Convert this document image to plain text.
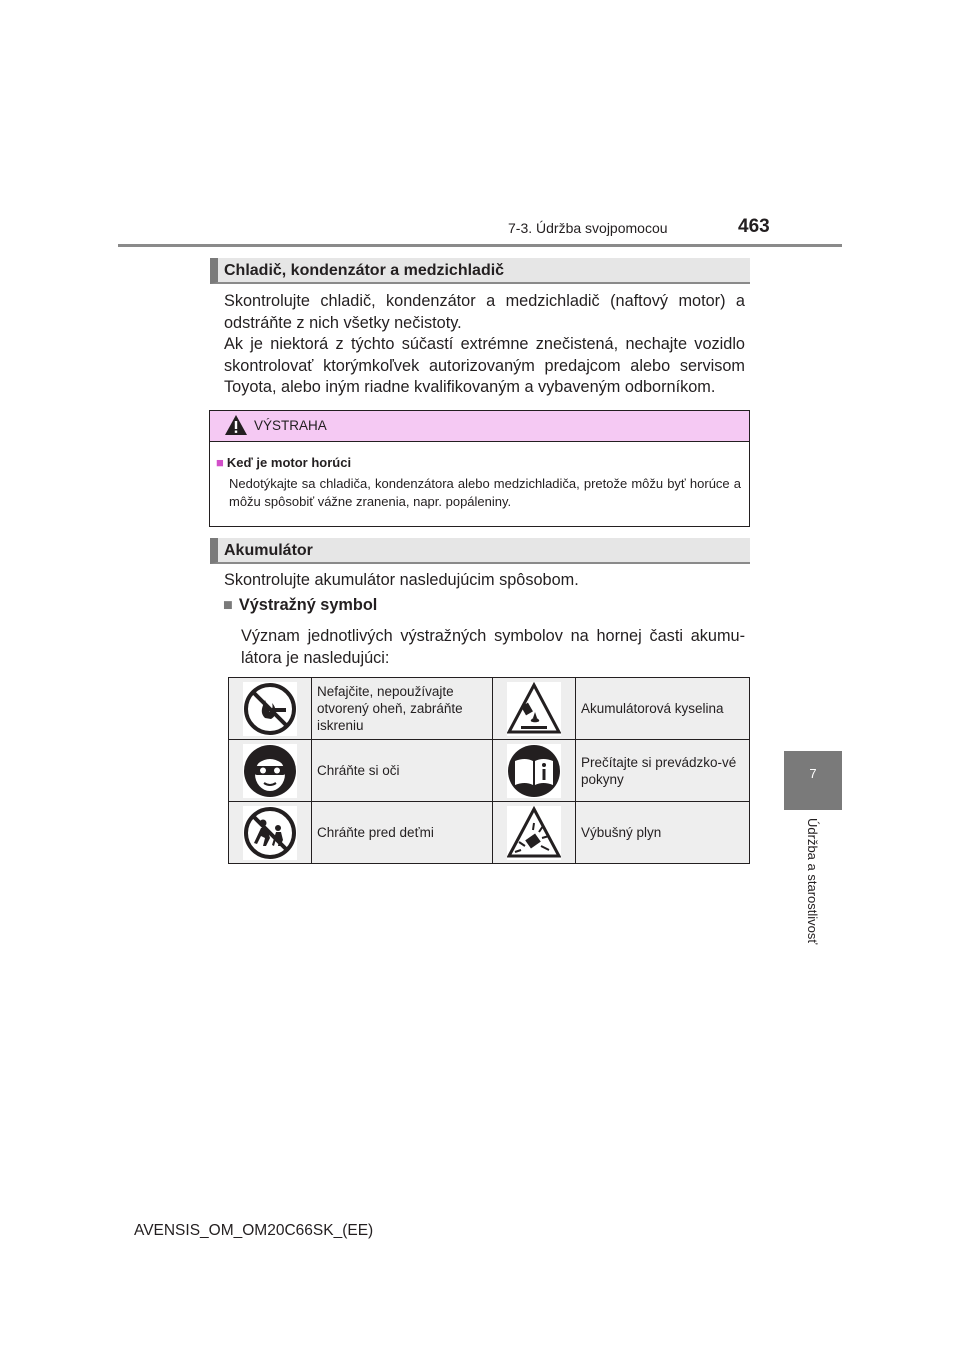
7-3. Údržba svojpomocou	463
7
Údržba a starostlivosť
Chladič, kondenzátor a medzichladič

Skontrolujte chladič, kondenzátor a medzichladič (naftový motor) a odstráňte z nich všetky nečistoty.

Ak je niektorá z týchto súčastí extrémne znečistená, nechajte vozidlo skontrolovať ktorýmkoľvek autorizovaným predajcom alebo servisom Toyota, alebo iným riadne kvalifikovaným a vybaveným odborníkom.

VÝSTRAHA
■ Keď je motor horúci
Nedotýkajte sa chladiča, kondenzátora alebo medzichladiča, pretože môžu byť horúce a môžu spôsobiť vážne zranenia, napr. popáleniny.
Akumulátor
Skontrolujte akumulátor nasledujúcim spôsobom.
■ Výstražný symbol
Význam jednotlivých výstražných symbolov na hornej časti akumu-látora je nasledujúci:
	Nefajčite, nepoužívajte otvorený oheň, zabráňte iskreniu		Akumulátorová kyselina
	Chráňte si oči		Prečítajte si prevádzko-vé pokyny
	Chráňte pred deťmi		Výbušný plyn
AVENSIS_OM_OM20C66SK_(EE)
